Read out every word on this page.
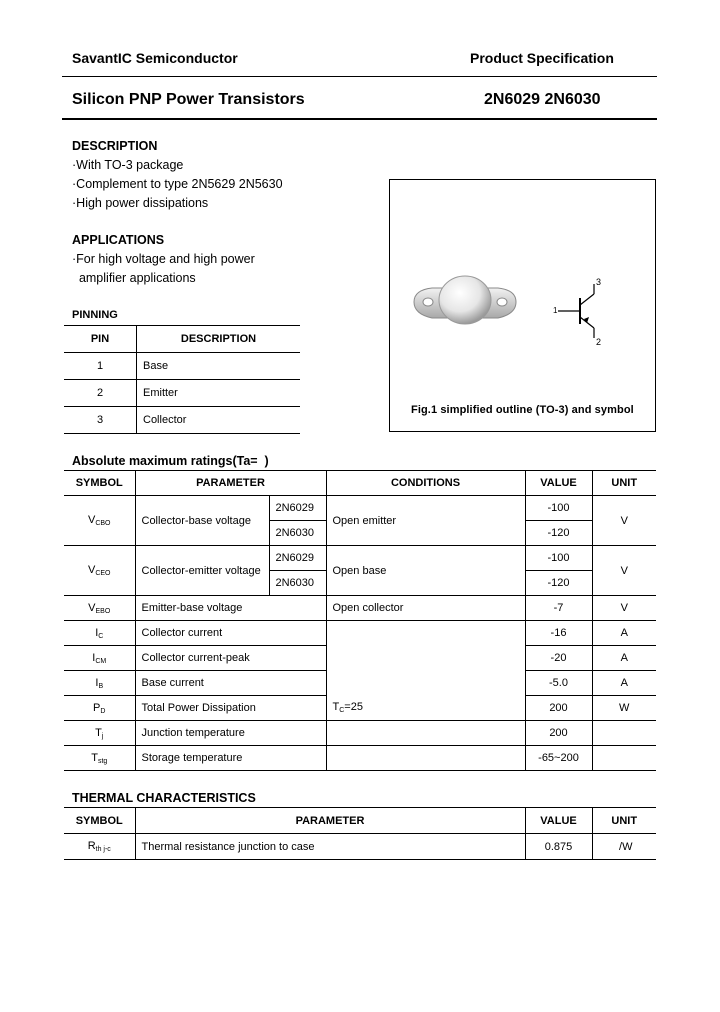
SavantIC Semiconductor	Product Specification
Silicon PNP Power Transistors	2N6029 2N6030
DESCRIPTION
·With TO-3 package
·Complement to type 2N5629 2N5630
·High power dissipations
APPLICATIONS
·For high voltage and high power
amplifier applications
PINNING
PIN	DESCRIPTION
1	Base
2	Emitter
3	Collector
1
2
3
Fig.1 simplified outline (TO-3) and symbol
Absolute maximum ratings(Ta=  )
SYMBOL	PARAMETER		CONDITIONS	VALUE	UNIT
$V_{CBO}$	Collector-base voltage	2N6029	Open emitter	-100	V
		2N6030		-120	
$V_{CEO}$	Collector-emitter voltage	2N6029	Open base	-100	V
		2N6030		-120	
$V_{EBO}$	Emitter-base voltage		Open collector	-7	V
$I_C$	Collector current			-16	A
$I_{CM}$	Collector current-peak			-20	A
$I_B$	Base current			-5.0	A
$P_D$	Total Power Dissipation		$T_C=25$	200	W
$T_j$	Junction temperature			200	
$T_{stg}$	Storage temperature			-65~200	
THERMAL CHARACTERISTICS
SYMBOL	PARAMETER	VALUE	UNIT
$R_{th j-c}$	Thermal resistance junction to case	0.875	/W
